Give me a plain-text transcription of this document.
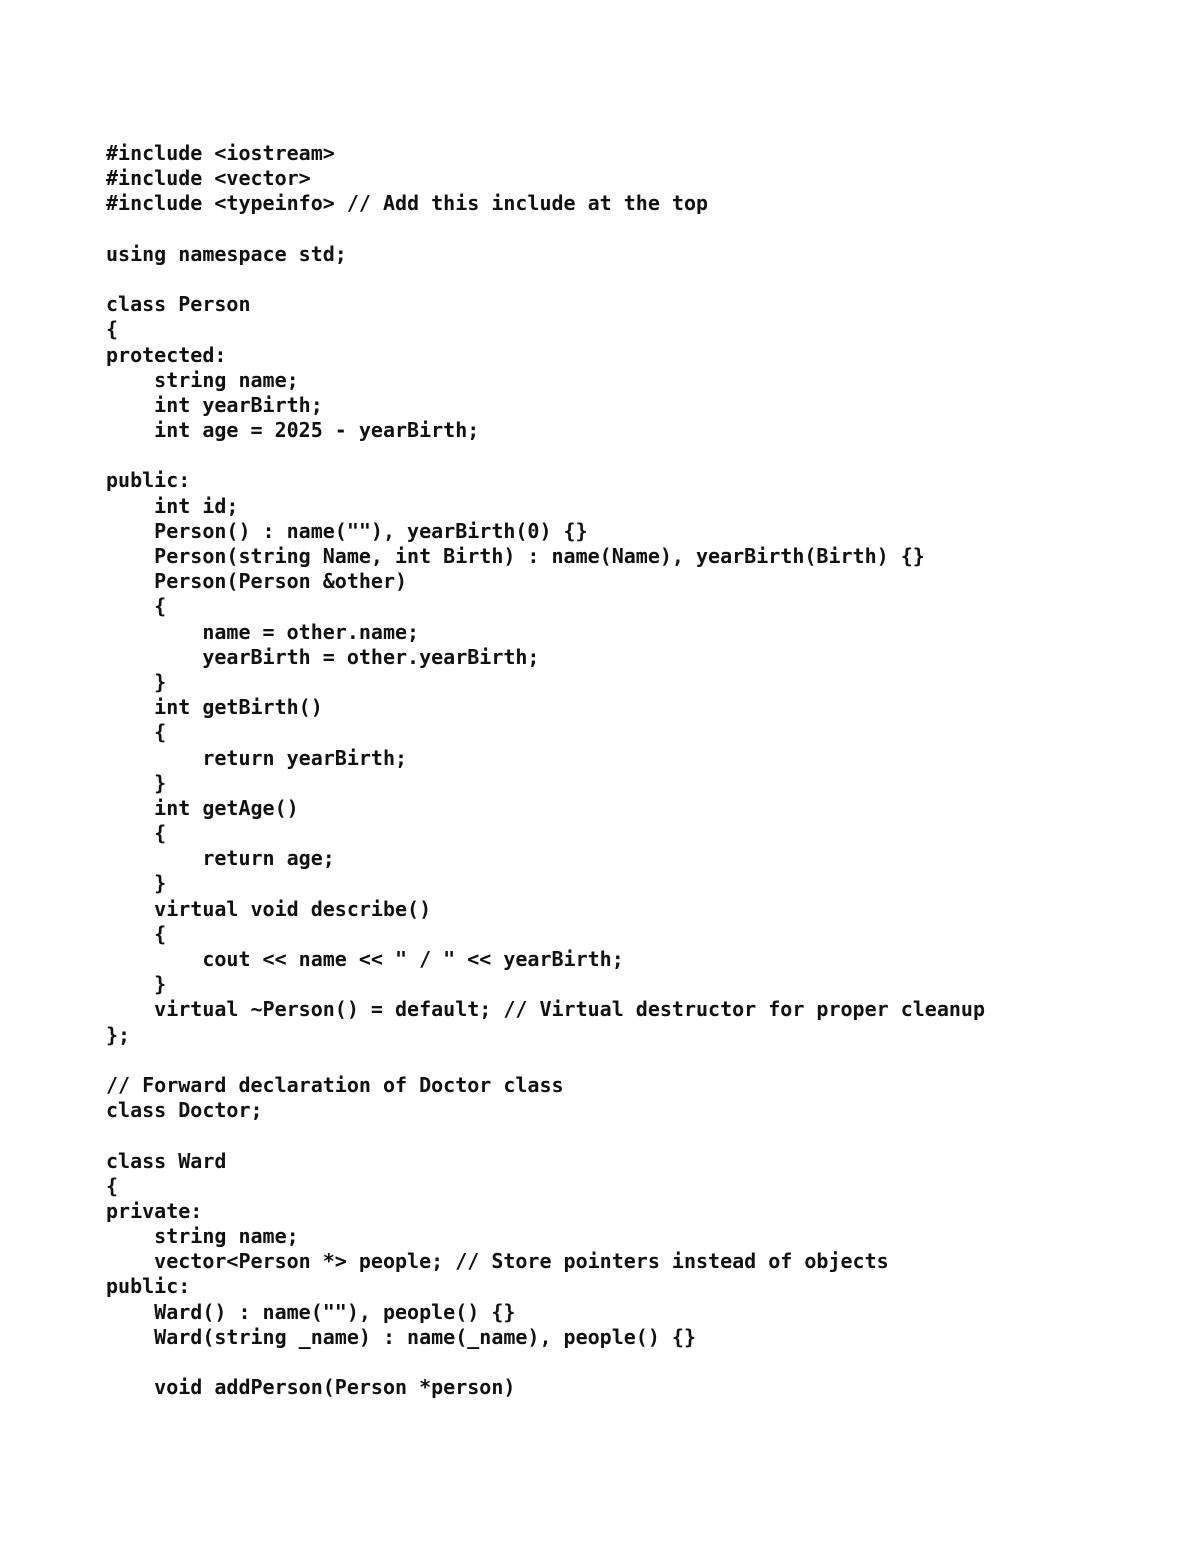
#include <iostream>
#include <vector>
#include <typeinfo> // Add this include at the top
using namespace std;
class Person
{
protected:
string name;
int yearBirth;
int age = 2025 - yearBirth;
public:
int id;
Person() : name(""), yearBirth(0) {}
Person(string Name, int Birth) : name(Name), yearBirth(Birth) {}
Person(Person &other)
{
name = other.name;
yearBirth = other.yearBirth;
}
int getBirth()
{
return yearBirth;
}
int getAge()
{
return age;
}
virtual void describe()
{
cout << name << " / " << yearBirth;
}
virtual ~Person() = default; // Virtual destructor for proper cleanup
};
// Forward declaration of Doctor class
class Doctor;
class Ward
{
private:
string name;
vector<Person *> people; // Store pointers instead of objects
public:
Ward() : name(""), people() {}
Ward(string _name) : name(_name), people() {}
void addPerson(Person *person)
